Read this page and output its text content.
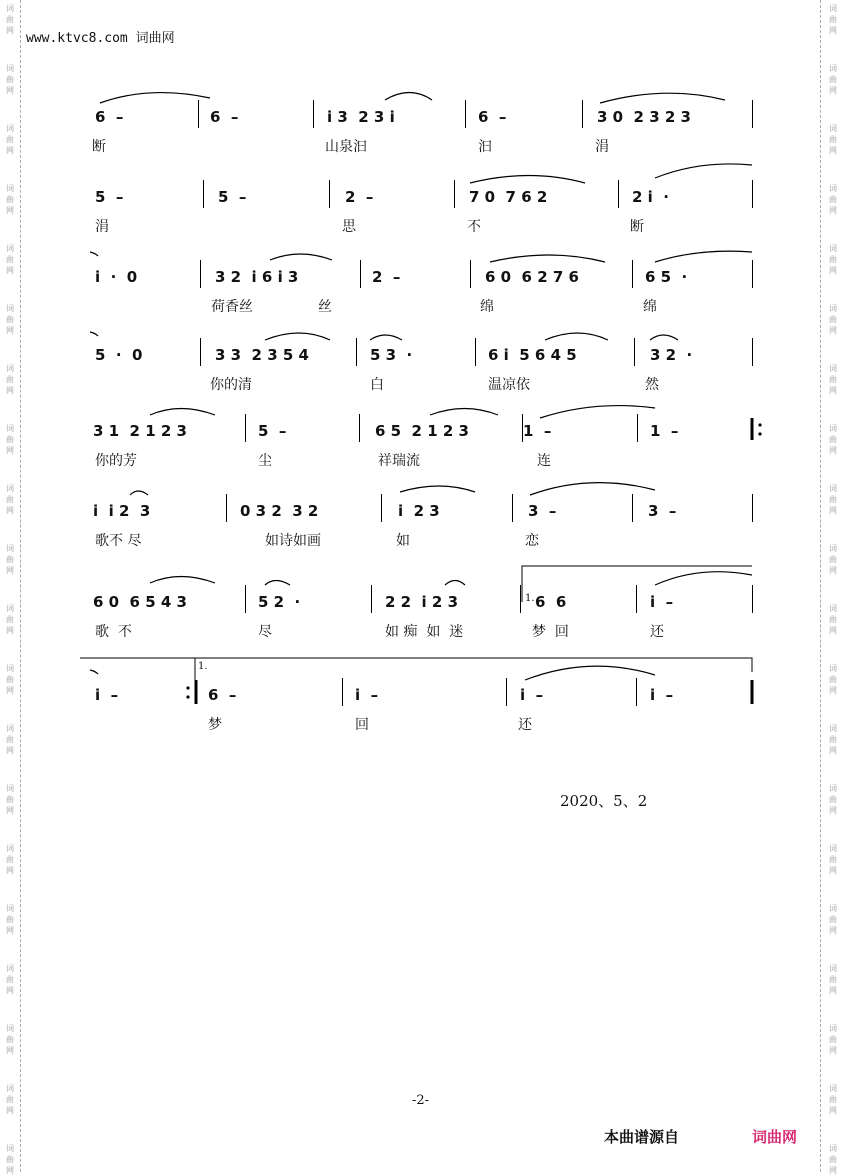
词
曲
网
词
曲
网
词
曲
网
词
曲
网
词
曲
网
词
曲
网
词
曲
网
词
曲
网
词
曲
网
词
曲
网
词
曲
网
词
曲
网
词
曲
网
词
曲
网
词
曲
网
词
曲
网
词
曲
网
词
曲
网
词
曲
网
词
曲
网
词
曲
网
词
曲
网
词
曲
网
词
曲
网
词
曲
网
词
曲
网
词
曲
网
词
曲
网
词
曲
网
词
曲
网
词
曲
网
词
曲
网
词
曲
网
词
曲
网
词
曲
网
词
曲
网
词
曲
网
词
曲
网
词
曲
网
词
曲
网
www.ktvc8.com 词曲网
6  –	6  –	i 3  2 3 i	6  –	3 0  2 3 2 3
断	山泉汩	汩	涓
5  –	5  –	2  –	7 0  7 6 2	2 i  ·
涓	思	不	断
i  ·  0	3 2  i 6 i 3	2  –	6 0  6 2 7 6	6 5  ·
荷香丝	丝	绵	绵
5  ·  0	3 3  2 3 5 4	5 3  ·	6 i  5 6 4 5	3 2  ·
你的清	白	温凉依	然
3 1  2 1 2 3	5  –	6 5  2 1 2 3	1  –	1  –
你的芳	尘	祥瑞流	连
i  i 2  3	0 3 2  3 2	i  2 3	3  –	3  –
歌不 尽	如诗如画	如	恋
6 0  6 5 4 3	5 2  ·	2 2  i 2 3	6  6	i  –
歌  不	尽	如 痴  如  迷	梦  回	还
i  –	6  –	i  –	i  –	i  –
梦	回	还
1.
1.
2020、5、2
-2-
本曲谱源自	词曲网
